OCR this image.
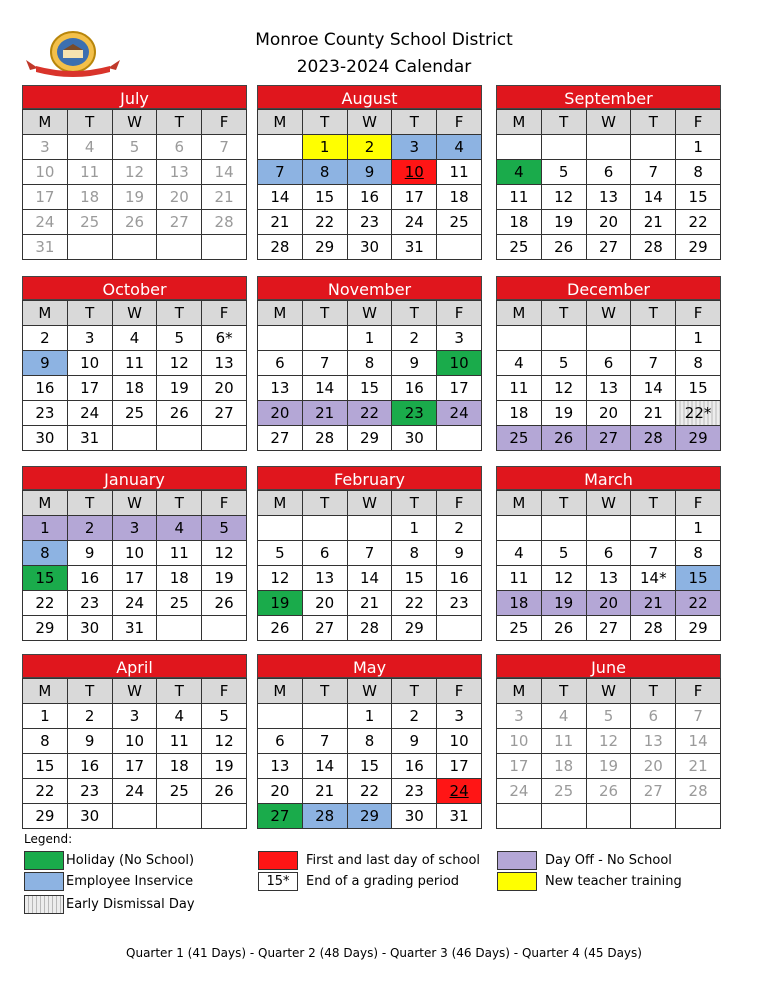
Monroe County School District
2023-2024 Calendar
July
M	T	W	T	F
3	4	5	6	7
10	11	12	13	14
17	18	19	20	21
24	25	26	27	28
31				
August
M	T	W	T	F
	1	2	3	4
7	8	9	10	11
14	15	16	17	18
21	22	23	24	25
28	29	30	31	
September
M	T	W	T	F
				1
4	5	6	7	8
11	12	13	14	15
18	19	20	21	22
25	26	27	28	29
October
M	T	W	T	F
2	3	4	5	6*
9	10	11	12	13
16	17	18	19	20
23	24	25	26	27
30	31			
November
M	T	W	T	F
		1	2	3
6	7	8	9	10
13	14	15	16	17
20	21	22	23	24
27	28	29	30	
December
M	T	W	T	F
				1
4	5	6	7	8
11	12	13	14	15
18	19	20	21	22*
25	26	27	28	29
January
M	T	W	T	F
1	2	3	4	5
8	9	10	11	12
15	16	17	18	19
22	23	24	25	26
29	30	31		
February
M	T	W	T	F
			1	2
5	6	7	8	9
12	13	14	15	16
19	20	21	22	23
26	27	28	29	
March
M	T	W	T	F
				1
4	5	6	7	8
11	12	13	14*	15
18	19	20	21	22
25	26	27	28	29
April
M	T	W	T	F
1	2	3	4	5
8	9	10	11	12
15	16	17	18	19
22	23	24	25	26
29	30			
May
M	T	W	T	F
		1	2	3
6	7	8	9	10
13	14	15	16	17
20	21	22	23	24
27	28	29	30	31
June
M	T	W	T	F
3	4	5	6	7
10	11	12	13	14
17	18	19	20	21
24	25	26	27	28

Legend:
Holiday (No School)
Employee Inservice
Early Dismissal Day
First and last day of school
15*	End of a grading period
Day Off - No School
New teacher training
Quarter 1 (41 Days) - Quarter 2 (48 Days) - Quarter 3 (46 Days) - Quarter 4 (45 Days)
